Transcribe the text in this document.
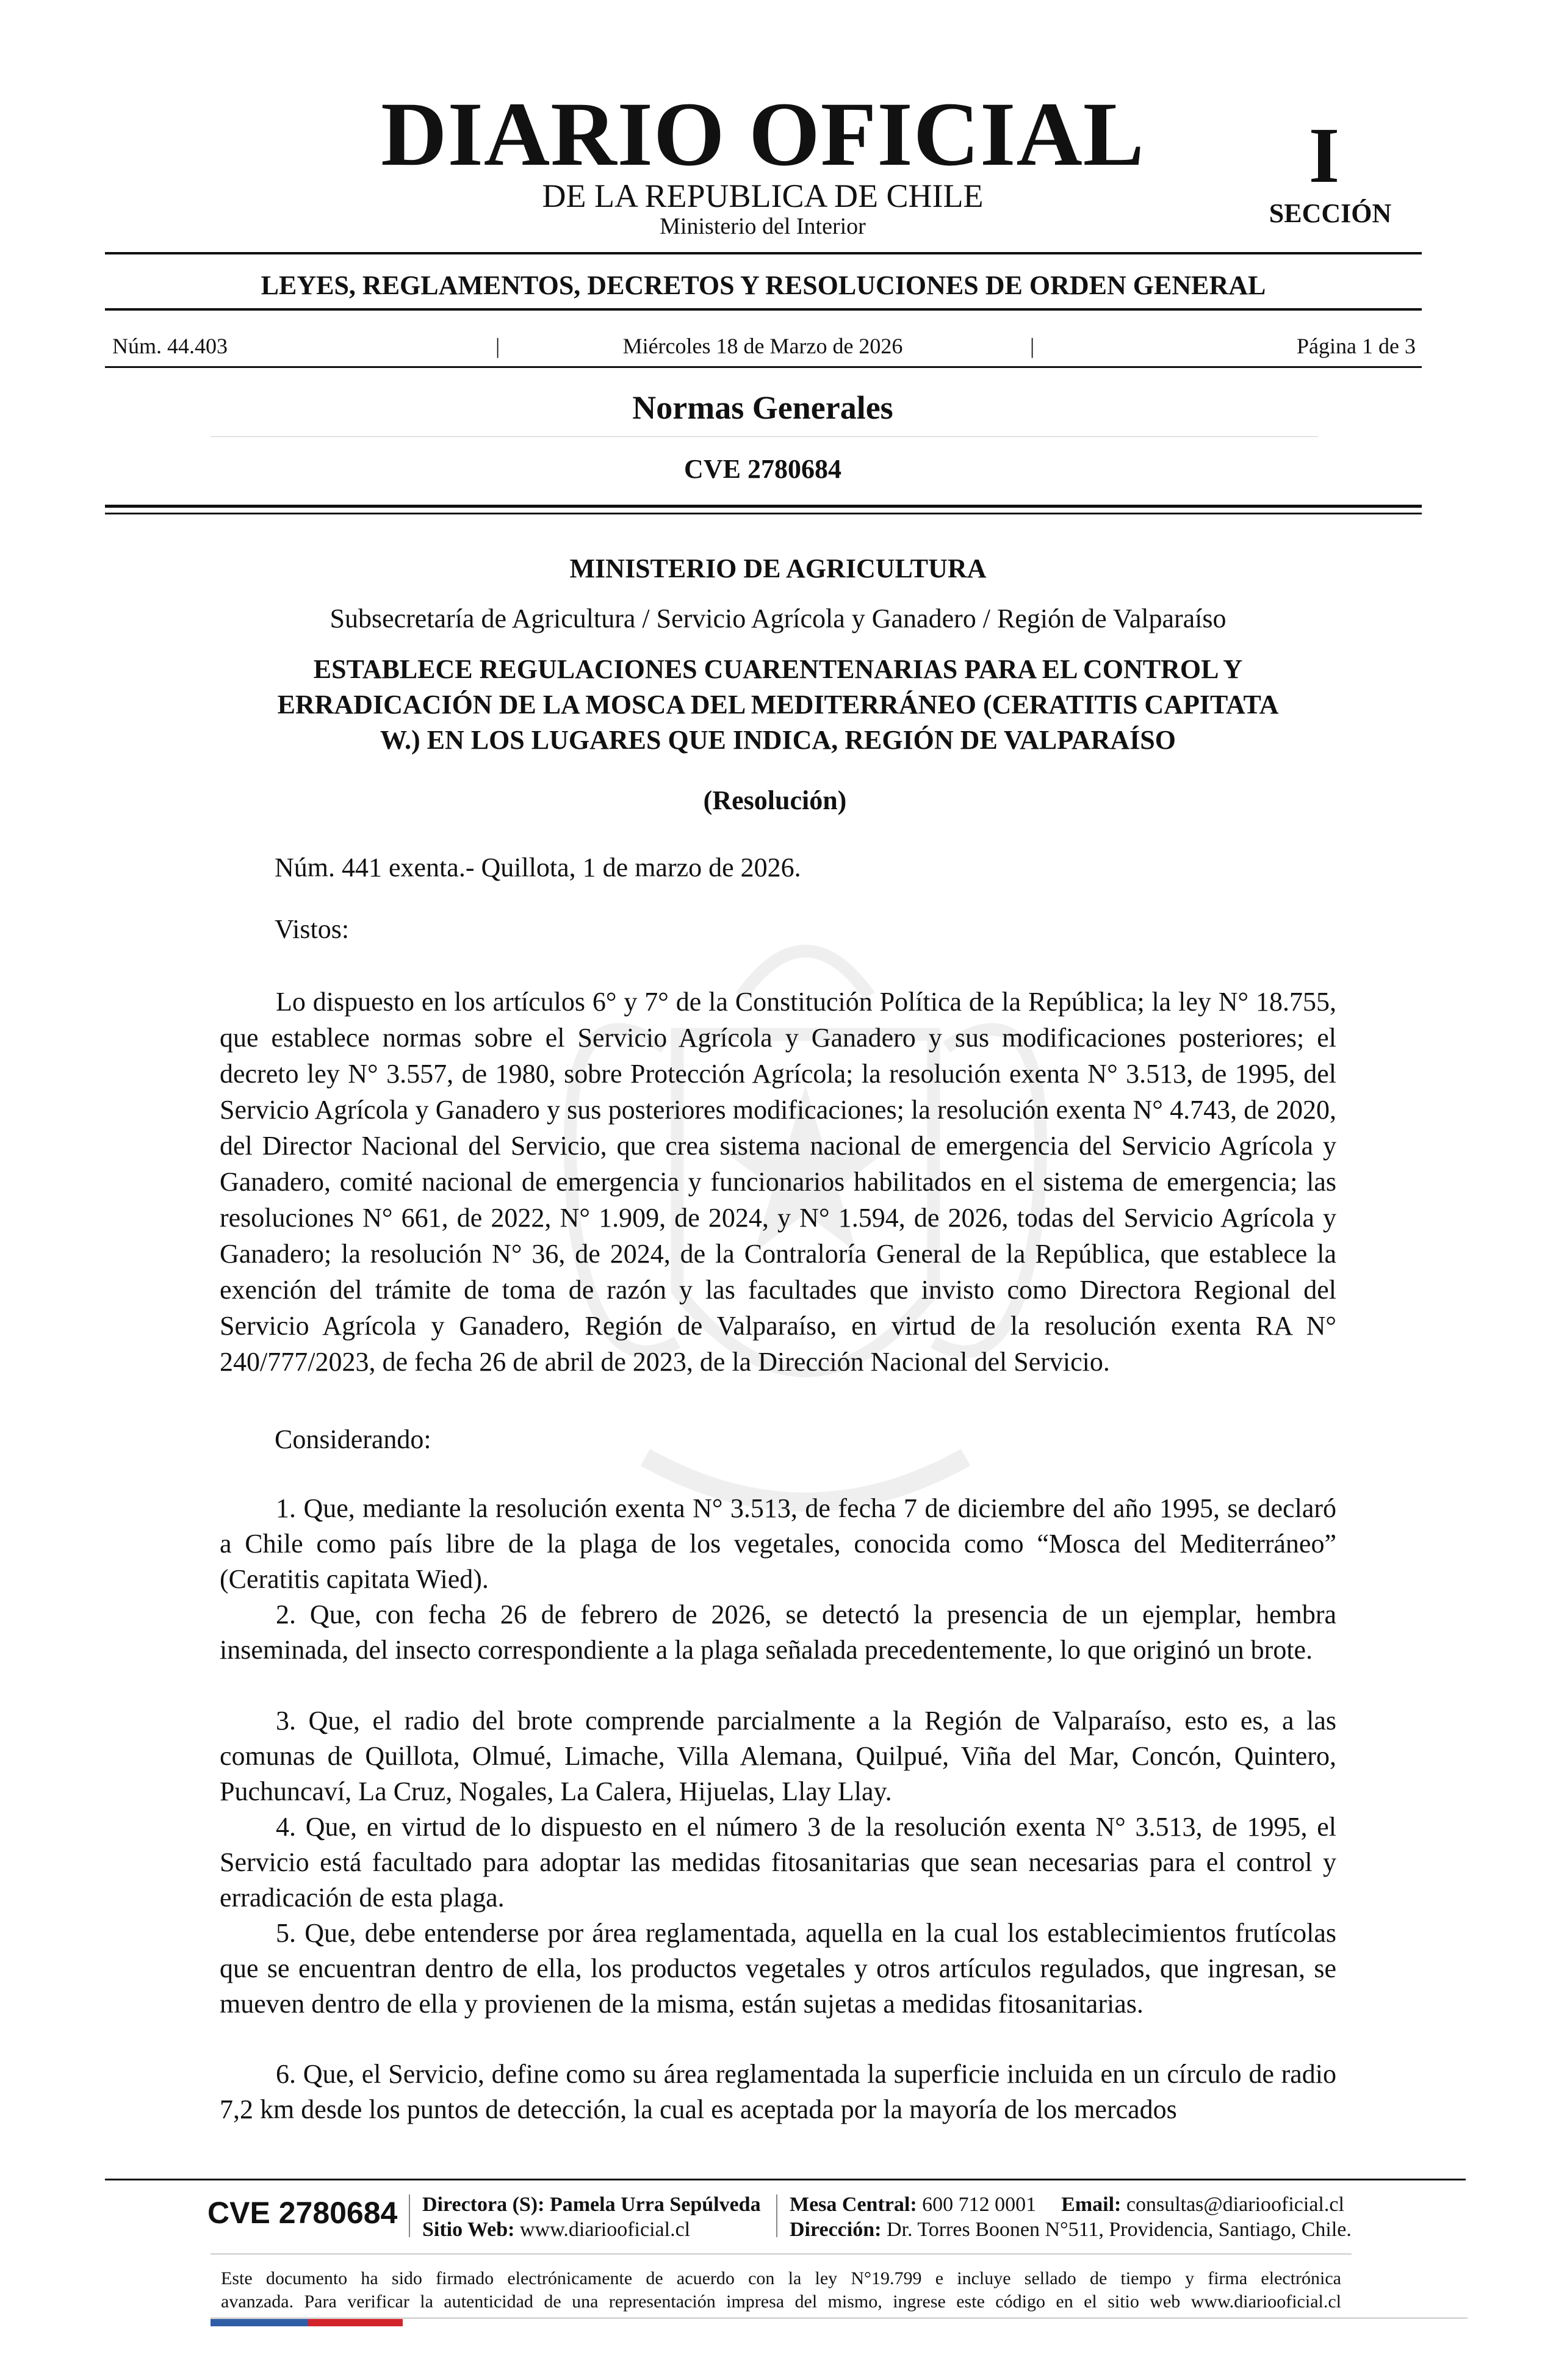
DIARIO OFICIAL
DE LA REPUBLICA DE CHILE
Ministerio del Interior
I
SECCIÓN
LEYES, REGLAMENTOS, DECRETOS Y RESOLUCIONES DE ORDEN GENERAL
Núm. 44.403	|	Miércoles 18 de Marzo de 2026	|	Página 1 de 3
Normas Generales
CVE 2780684
MINISTERIO DE AGRICULTURA
Subsecretaría de Agricultura / Servicio Agrícola y Ganadero / Región de Valparaíso
ESTABLECE REGULACIONES CUARENTENARIAS PARA EL CONTROL Y
ERRADICACIÓN DE LA MOSCA DEL MEDITERRÁNEO (CERATITIS CAPITATA
W.) EN LOS LUGARES QUE INDICA, REGIÓN DE VALPARAÍSO
(Resolución)
Núm. 441 exenta.- Quillota, 1 de marzo de 2026.
Vistos:
Lo dispuesto en los artículos 6° y 7° de la Constitución Política de la República; la ley N° 18.755, que establece normas sobre el Servicio Agrícola y Ganadero y sus modificaciones posteriores; el decreto ley N° 3.557, de 1980, sobre Protección Agrícola; la resolución exenta N° 3.513, de 1995, del Servicio Agrícola y Ganadero y sus posteriores modificaciones; la resolución exenta N° 4.743, de 2020, del Director Nacional del Servicio, que crea sistema nacional de emergencia del Servicio Agrícola y Ganadero, comité nacional de emergencia y funcionarios habilitados en el sistema de emergencia; las resoluciones N° 661, de 2022, N° 1.909, de 2024, y N° 1.594, de 2026, todas del Servicio Agrícola y Ganadero; la resolución N° 36, de 2024, de la Contraloría General de la República, que establece la exención del trámite de toma de razón y las facultades que invisto como Directora Regional del Servicio Agrícola y Ganadero, Región de Valparaíso, en virtud de la resolución exenta RA N° 240/777/2023, de fecha 26 de abril de 2023, de la Dirección Nacional del Servicio.
Considerando:
1. Que, mediante la resolución exenta N° 3.513, de fecha 7 de diciembre del año 1995, se declaró a Chile como país libre de la plaga de los vegetales, conocida como “Mosca del Mediterráneo” (Ceratitis capitata Wied).
2. Que, con fecha 26 de febrero de 2026, se detectó la presencia de un ejemplar, hembra inseminada, del insecto correspondiente a la plaga señalada precedentemente, lo que originó un brote.
3. Que, el radio del brote comprende parcialmente a la Región de Valparaíso, esto es, a las comunas de Quillota, Olmué, Limache, Villa Alemana, Quilpué, Viña del Mar, Concón, Quintero, Puchuncaví, La Cruz, Nogales, La Calera, Hijuelas, Llay Llay.
4. Que, en virtud de lo dispuesto en el número 3 de la resolución exenta N° 3.513, de 1995, el Servicio está facultado para adoptar las medidas fitosanitarias que sean necesarias para el control y erradicación de esta plaga.
5. Que, debe entenderse por área reglamentada, aquella en la cual los establecimientos frutícolas que se encuentran dentro de ella, los productos vegetales y otros artículos regulados, que ingresan, se mueven dentro de ella y provienen de la misma, están sujetas a medidas fitosanitarias.
6. Que, el Servicio, define como su área reglamentada la superficie incluida en un círculo de radio 7,2 km desde los puntos de detección, la cual es aceptada por la mayoría de los mercados
CVE 2780684 Directora (S): Pamela Urra Sepúlveda
Sitio Web: www.diariooficial.cl
Mesa Central: 600 712 0001 Email: consultas@diariooficial.cl
Dirección: Dr. Torres Boonen N°511, Providencia, Santiago, Chile.
Este documento ha sido firmado electrónicamente de acuerdo con la ley N°19.799 e incluye sellado de tiempo y firma electrónica
avanzada. Para verificar la autenticidad de una representación impresa del mismo, ingrese este código en el sitio web www.diariooficial.cl
